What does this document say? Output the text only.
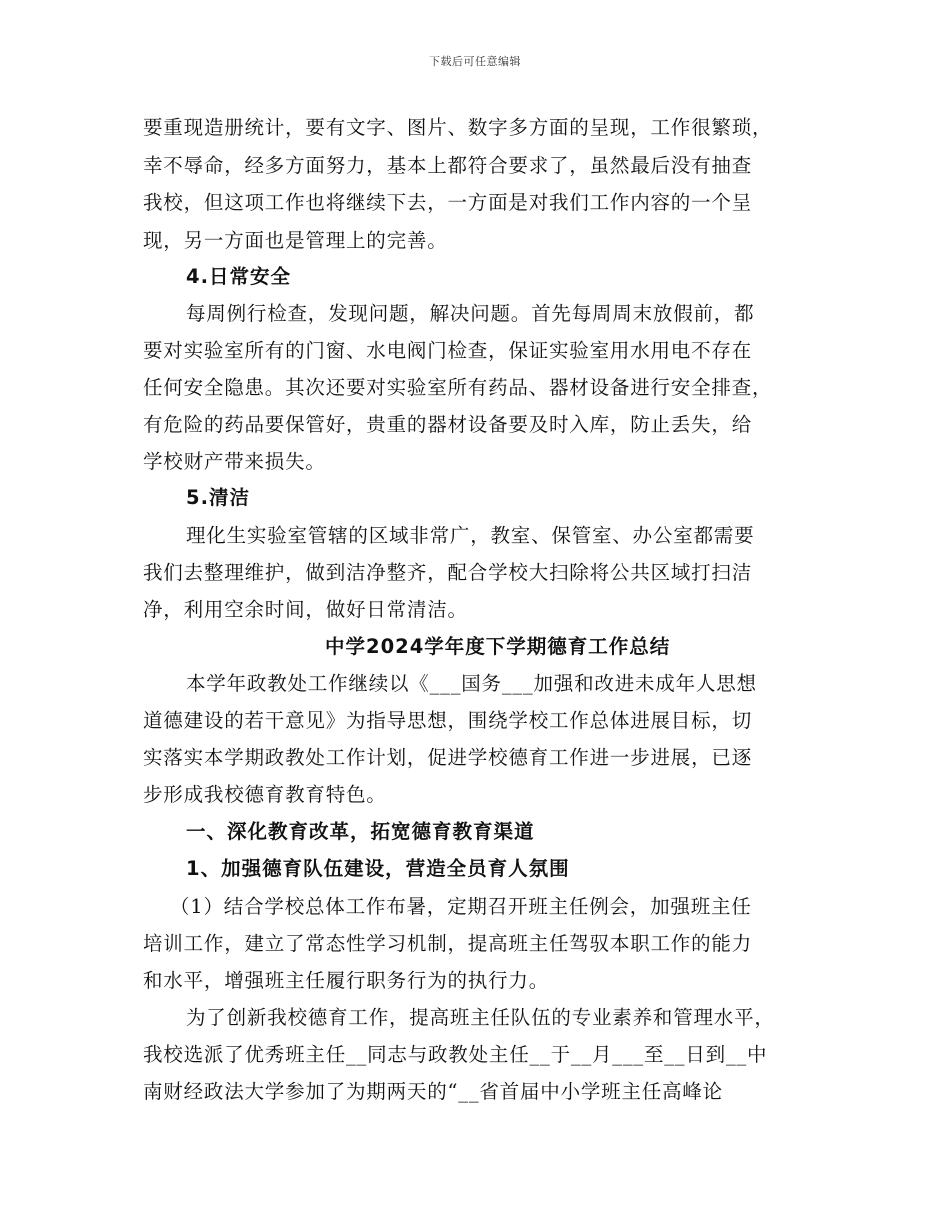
下载后可任意编辑
要重现造册统计，要有文字、图片、数字多方面的呈现，工作很繁琐，
幸不辱命，经多方面努力，基本上都符合要求了，虽然最后没有抽查
我校，但这项工作也将继续下去，一方面是对我们工作内容的一个呈
现，另一方面也是管理上的完善。
4.日常安全
每周例行检查，发现问题，解决问题。首先每周周末放假前，都
要对实验室所有的门窗、水电阀门检查，保证实验室用水用电不存在
任何安全隐患。其次还要对实验室所有药品、器材设备进行安全排查，
有危险的药品要保管好，贵重的器材设备要及时入库，防止丢失，给
学校财产带来损失。
5.清洁
理化生实验室管辖的区域非常广，教室、保管室、办公室都需要
我们去整理维护，做到洁净整齐，配合学校大扫除将公共区域打扫洁
净，利用空余时间，做好日常清洁。
中学2024学年度下学期德育工作总结
本学年政教处工作继续以《___国务___加强和改进未成年人思想
道德建设的若干意见》为指导思想，围绕学校工作总体进展目标，切
实落实本学期政教处工作计划，促进学校德育工作进一步进展，已逐
步形成我校德育教育特色。
一、深化教育改革，拓宽德育教育渠道
1、加强德育队伍建设，营造全员育人氛围
（1）结合学校总体工作布暑，定期召开班主任例会，加强班主任
培训工作，建立了常态性学习机制，提高班主任驾驭本职工作的能力
和水平，增强班主任履行职务行为的执行力。
为了创新我校德育工作，提高班主任队伍的专业素养和管理水平，
我校选派了优秀班主任__同志与政教处主任__于__月___至__日到__中
南财经政法大学参加了为期两天的“__省首届中小学班主任高峰论
